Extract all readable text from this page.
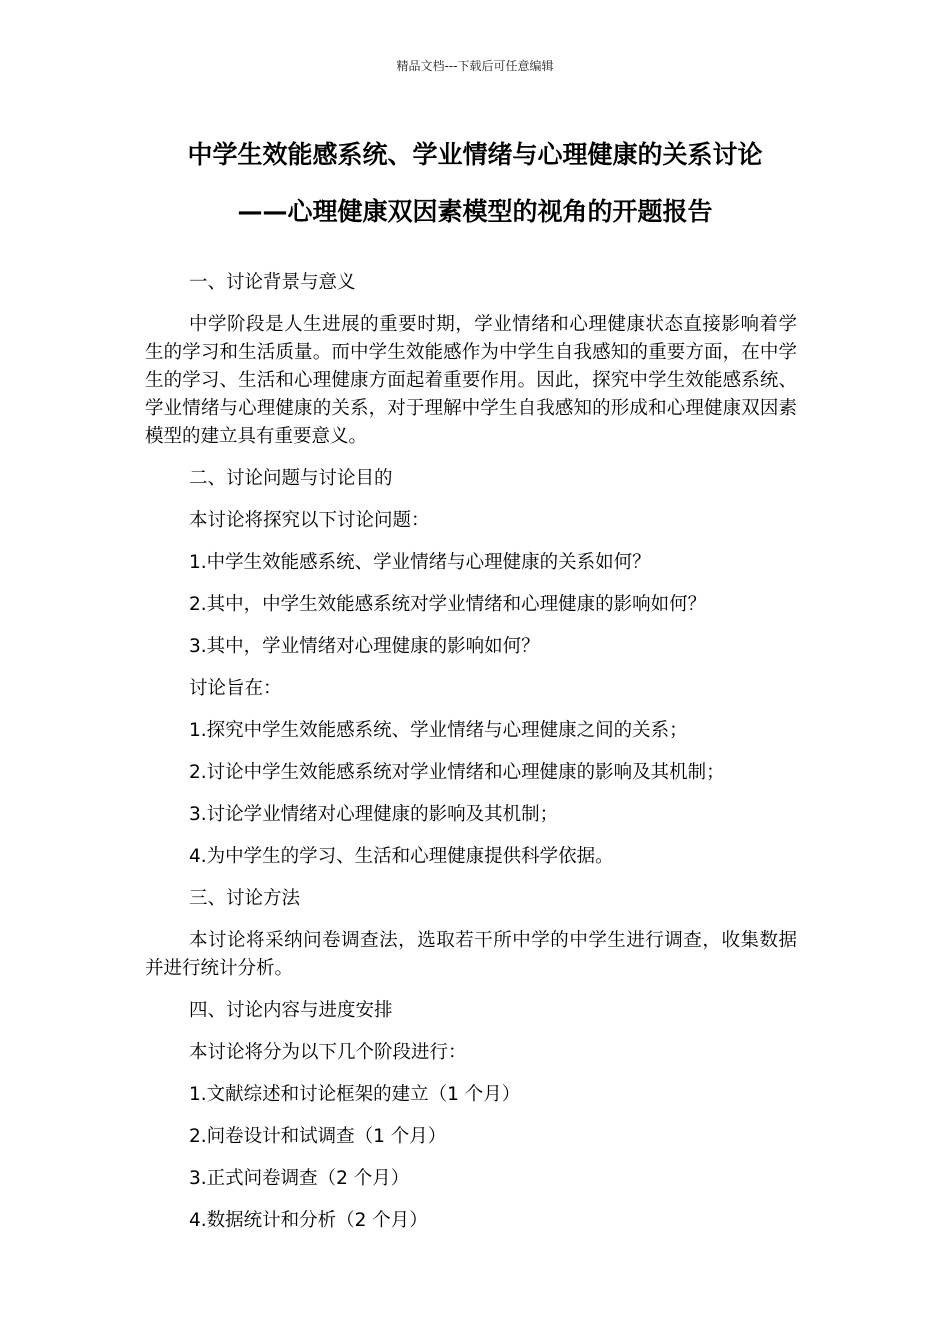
精品文档---下载后可任意编辑
中学生效能感系统、学业情绪与心理健康的关系讨论
——心理健康双因素模型的视角的开题报告
一、讨论背景与意义
中学阶段是人生进展的重要时期，学业情绪和心理健康状态直接影响着学生的学习和生活质量。而中学生效能感作为中学生自我感知的重要方面，在中学生的学习、生活和心理健康方面起着重要作用。因此，探究中学生效能感系统、学业情绪与心理健康的关系，对于理解中学生自我感知的形成和心理健康双因素模型的建立具有重要意义。
二、讨论问题与讨论目的
本讨论将探究以下讨论问题：
1.中学生效能感系统、学业情绪与心理健康的关系如何？
2.其中，中学生效能感系统对学业情绪和心理健康的影响如何？
3.其中，学业情绪对心理健康的影响如何？
讨论旨在：
1.探究中学生效能感系统、学业情绪与心理健康之间的关系；
2.讨论中学生效能感系统对学业情绪和心理健康的影响及其机制；
3.讨论学业情绪对心理健康的影响及其机制；
4.为中学生的学习、生活和心理健康提供科学依据。
三、讨论方法
本讨论将采纳问卷调查法，选取若干所中学的中学生进行调查，收集数据并进行统计分析。
四、讨论内容与进度安排
本讨论将分为以下几个阶段进行：
1.文献综述和讨论框架的建立（1 个月）
2.问卷设计和试调查（1 个月）
3.正式问卷调查（2 个月）
4.数据统计和分析（2 个月）
